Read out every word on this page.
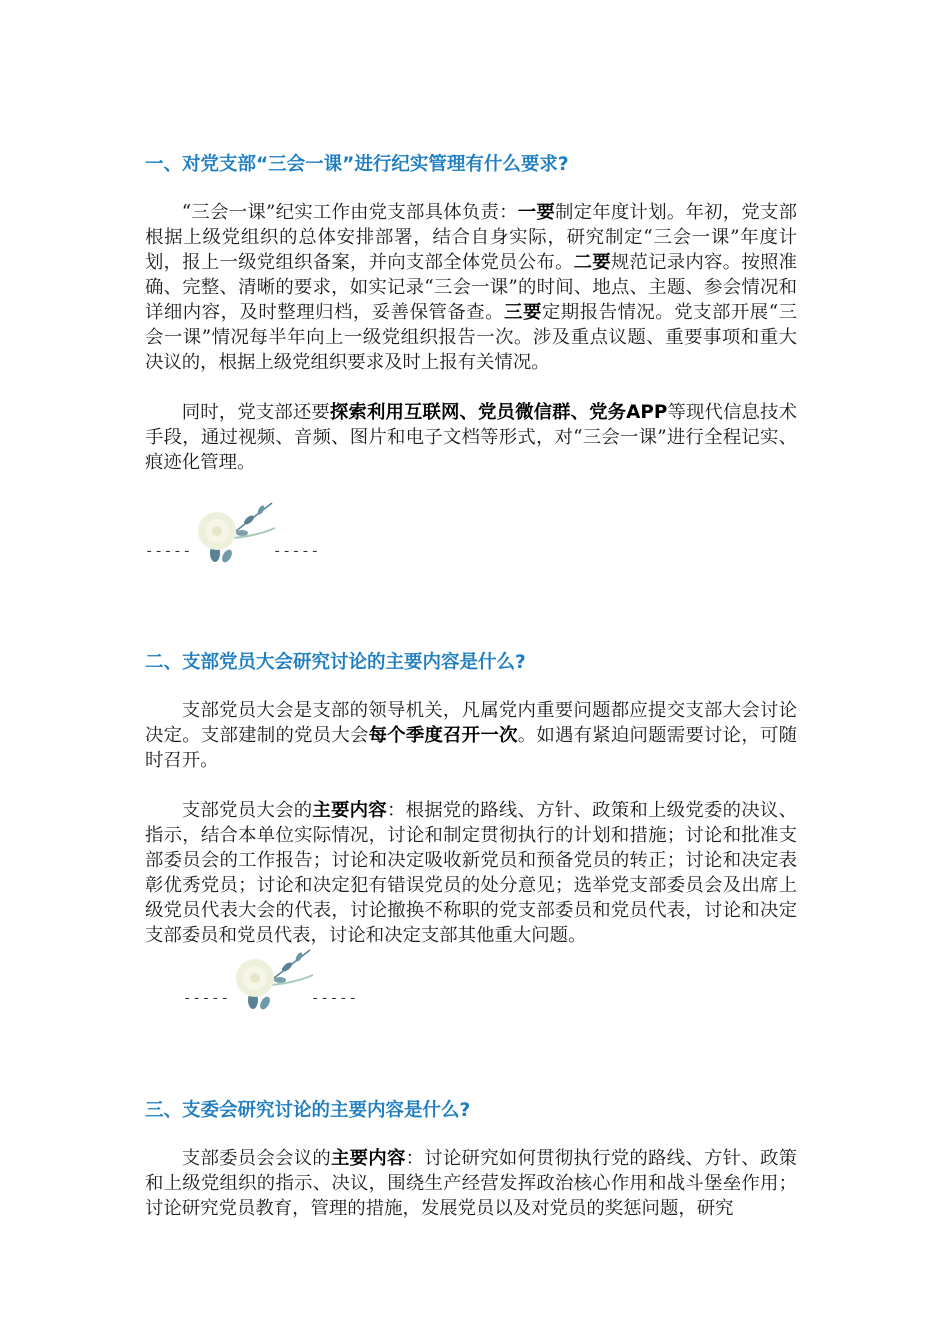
一、对党支部“三会一课”进行纪实管理有什么要求?
“三会一课”纪实工作由党支部具体负责：一要制定年度计划。年初，党支部根据上级党组织的总体安排部署，结合自身实际，研究制定“三会一课”年度计划，报上一级党组织备案，并向支部全体党员公布。二要规范记录内容。按照准确、完整、清晰的要求，如实记录“三会一课”的时间、地点、主题、参会情况和详细内容，及时整理归档，妥善保管备查。三要定期报告情况。党支部开展“三会一课”情况每半年向上一级党组织报告一次。涉及重点议题、重要事项和重大决议的，根据上级党组织要求及时上报有关情况。
同时，党支部还要探索利用互联网、党员微信群、党务APP等现代信息技术手段，通过视频、音频、图片和电子文档等形式，对“三会一课”进行全程记实、痕迹化管理。
-----	-----
二、支部党员大会研究讨论的主要内容是什么?
支部党员大会是支部的领导机关，凡属党内重要问题都应提交支部大会讨论决定。支部建制的党员大会每个季度召开一次。如遇有紧迫问题需要讨论，可随时召开。
支部党员大会的主要内容：根据党的路线、方针、政策和上级党委的决议、指示，结合本单位实际情况，讨论和制定贯彻执行的计划和措施；讨论和批准支部委员会的工作报告；讨论和决定吸收新党员和预备党员的转正；讨论和决定表彰优秀党员；讨论和决定犯有错误党员的处分意见；选举党支部委员会及出席上级党员代表大会的代表，讨论撤换不称职的党支部委员和党员代表，讨论和决定支部委员和党员代表，讨论和决定支部其他重大问题。
-----	-----
三、支委会研究讨论的主要内容是什么?
支部委员会会议的主要内容：讨论研究如何贯彻执行党的路线、方针、政策和上级党组织的指示、决议，围绕生产经营发挥政治核心作用和战斗堡垒作用；讨论研究党员教育，管理的措施，发展党员以及对党员的奖惩问题，研究
